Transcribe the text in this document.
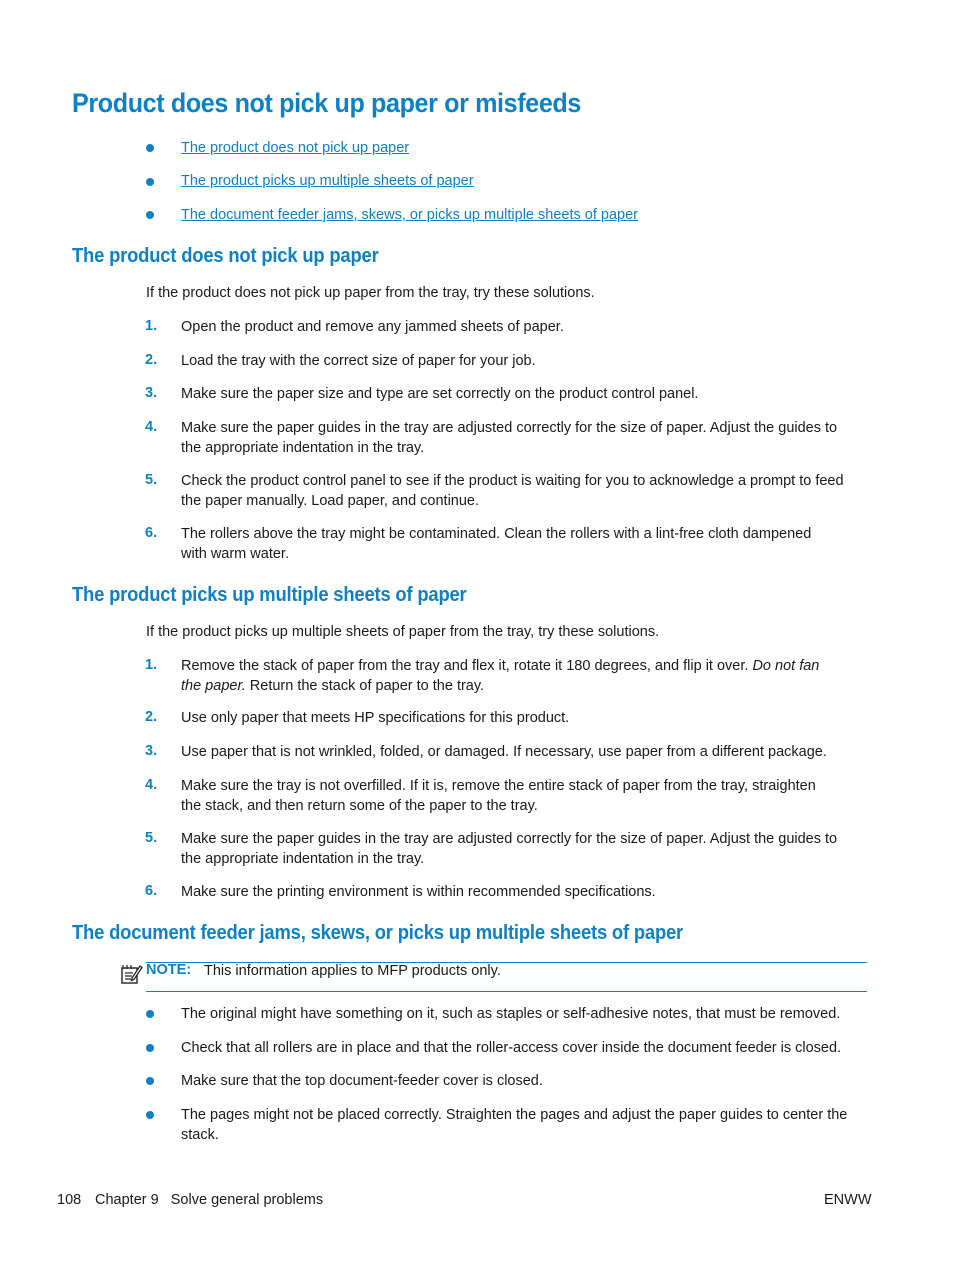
Product does not pick up paper or misfeeds
The product does not pick up paper
The product picks up multiple sheets of paper
The document feeder jams, skews, or picks up multiple sheets of paper
The product does not pick up paper
If the product does not pick up paper from the tray, try these solutions.
1. Open the product and remove any jammed sheets of paper.
2. Load the tray with the correct size of paper for your job.
3. Make sure the paper size and type are set correctly on the product control panel.
4. Make sure the paper guides in the tray are adjusted correctly for the size of paper. Adjust the guides to
the appropriate indentation in the tray.
5. Check the product control panel to see if the product is waiting for you to acknowledge a prompt to feed
the paper manually. Load paper, and continue.
6. The rollers above the tray might be contaminated. Clean the rollers with a lint-free cloth dampened
with warm water.
The product picks up multiple sheets of paper
If the product picks up multiple sheets of paper from the tray, try these solutions.
1. Remove the stack of paper from the tray and flex it, rotate it 180 degrees, and flip it over. Do not fan
the paper. Return the stack of paper to the tray.
2. Use only paper that meets HP specifications for this product.
3. Use paper that is not wrinkled, folded, or damaged. If necessary, use paper from a different package.
4. Make sure the tray is not overfilled. If it is, remove the entire stack of paper from the tray, straighten
the stack, and then return some of the paper to the tray.
5. Make sure the paper guides in the tray are adjusted correctly for the size of paper. Adjust the guides to
the appropriate indentation in the tray.
6. Make sure the printing environment is within recommended specifications.
The document feeder jams, skews, or picks up multiple sheets of paper
NOTE: This information applies to MFP products only.
The original might have something on it, such as staples or self-adhesive notes, that must be removed.
Check that all rollers are in place and that the roller-access cover inside the document feeder is closed.
Make sure that the top document-feeder cover is closed.
The pages might not be placed correctly. Straighten the pages and adjust the paper guides to center the
stack.
108 Chapter 9   Solve general problems	ENWW
